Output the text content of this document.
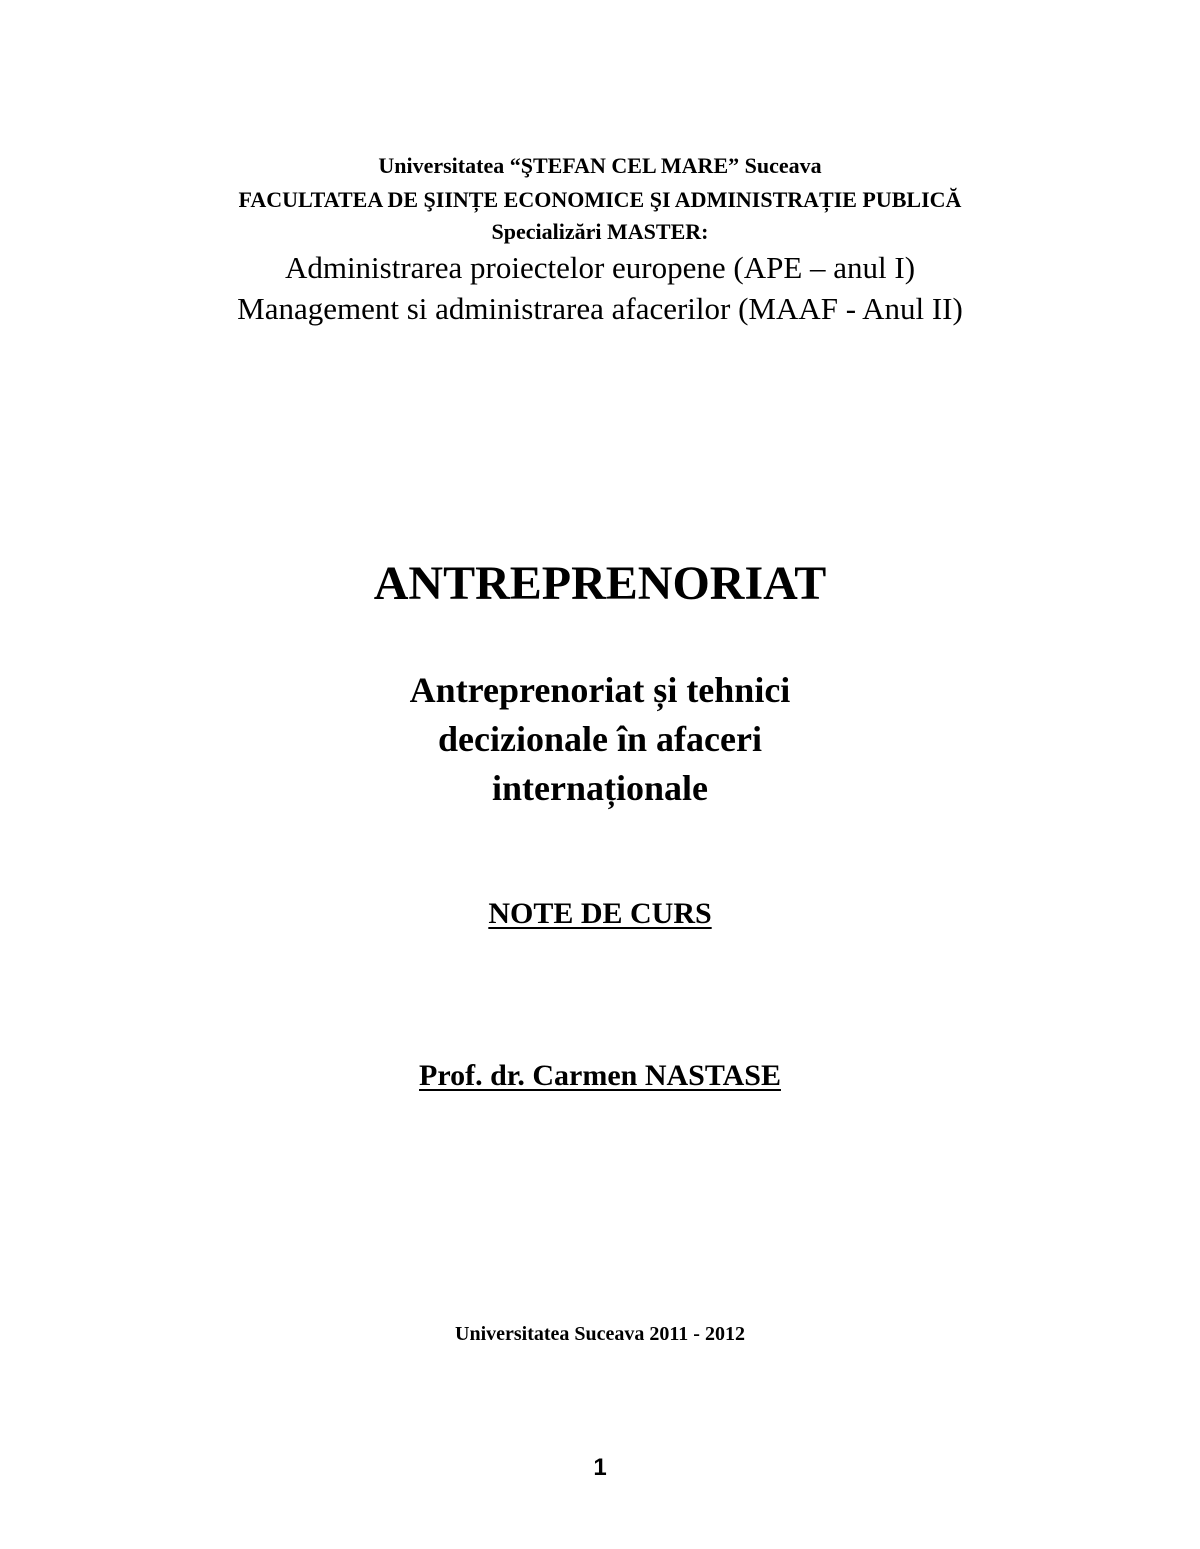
Universitatea “ŞTEFAN CEL MARE” Suceava
FACULTATEA DE ŞIINȚE ECONOMICE ŞI ADMINISTRAȚIE PUBLICĂ
Specializări MASTER:
Administrarea proiectelor europene (APE – anul I)
Management si administrarea afacerilor (MAAF - Anul II)
ANTREPRENORIAT
Antreprenoriat și tehnici
decizionale în afaceri
internaționale
NOTE DE CURS
Prof. dr. Carmen NASTASE
Universitatea Suceava 2011 - 2012
1
